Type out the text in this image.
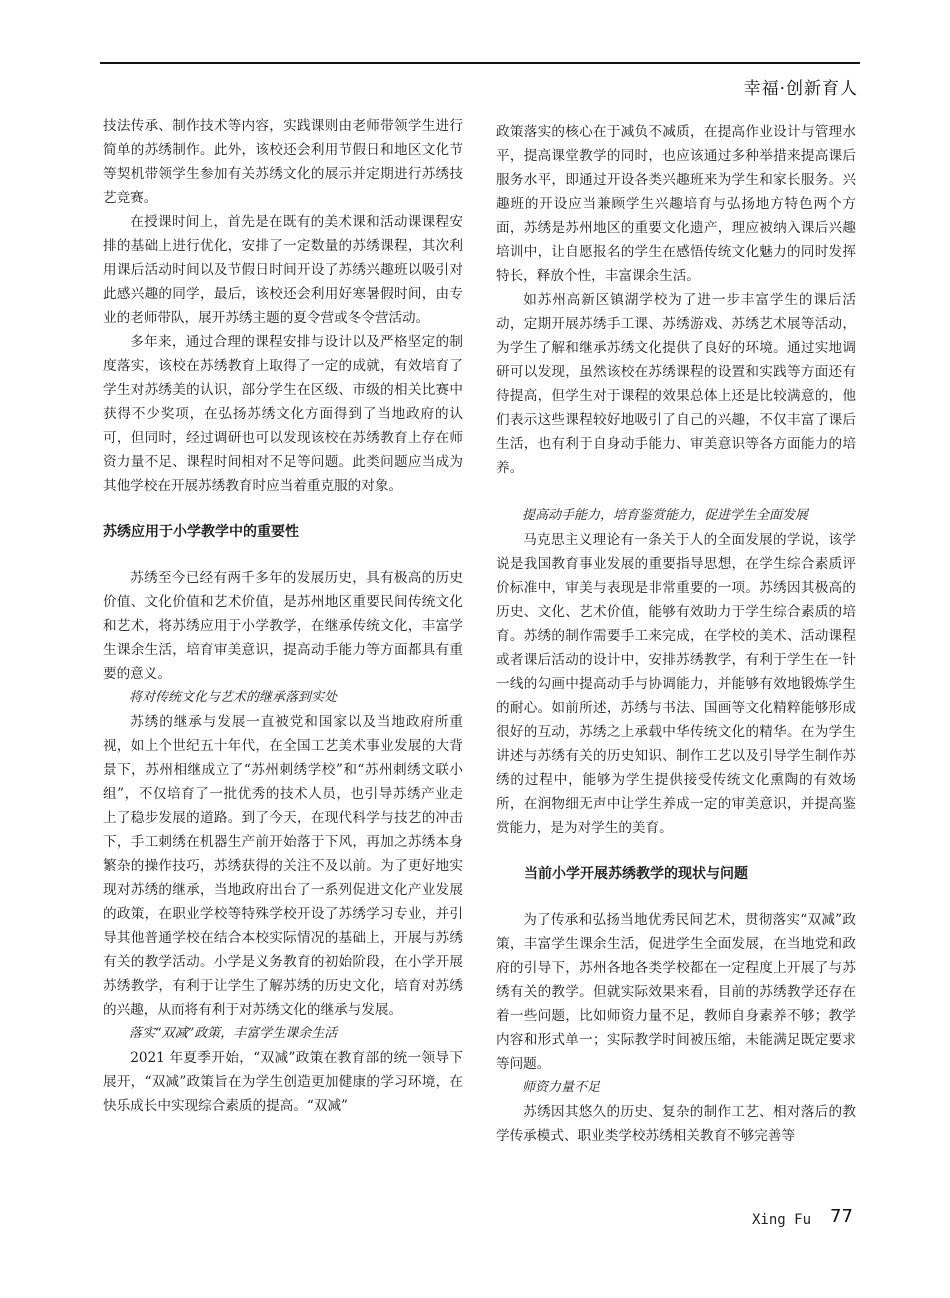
幸福·创新育人

技法传承、制作技术等内容，实践课则由老师带领学生进行简单的苏绣制作。此外，该校还会利用节假日和地区文化节等契机带领学生参加有关苏绣文化的展示并定期进行苏绣技艺竞赛。

在授课时间上，首先是在既有的美术课和活动课课程安排的基础上进行优化，安排了一定数量的苏绣课程，其次利用课后活动时间以及节假日时间开设了苏绣兴趣班以吸引对此感兴趣的同学，最后，该校还会利用好寒暑假时间，由专业的老师带队，展开苏绣主题的夏令营或冬令营活动。

多年来，通过合理的课程安排与设计以及严格坚定的制度落实，该校在苏绣教育上取得了一定的成就，有效培育了学生对苏绣美的认识，部分学生在区级、市级的相关比赛中获得不少奖项，在弘扬苏绣文化方面得到了当地政府的认可，但同时，经过调研也可以发现该校在苏绣教育上存在师资力量不足、课程时间相对不足等问题。此类问题应当成为其他学校在开展苏绣教育时应当着重克服的对象。

苏绣应用于小学教学中的重要性

苏绣至今已经有两千多年的发展历史，具有极高的历史价值、文化价值和艺术价值，是苏州地区重要民间传统文化和艺术，将苏绣应用于小学教学，在继承传统文化，丰富学生课余生活，培育审美意识，提高动手能力等方面都具有重要的意义。

将对传统文化与艺术的继承落到实处

苏绣的继承与发展一直被党和国家以及当地政府所重视，如上个世纪五十年代，在全国工艺美术事业发展的大背景下，苏州相继成立了“苏州刺绣学校”和“苏州刺绣文联小组”，不仅培育了一批优秀的技术人员，也引导苏绣产业走上了稳步发展的道路。到了今天，在现代科学与技艺的冲击下，手工刺绣在机器生产前开始落于下风，再加之苏绣本身繁杂的操作技巧，苏绣获得的关注不及以前。为了更好地实现对苏绣的继承，当地政府出台了一系列促进文化产业发展的政策，在职业学校等特殊学校开设了苏绣学习专业，并引导其他普通学校在结合本校实际情况的基础上，开展与苏绣有关的教学活动。小学是义务教育的初始阶段，在小学开展苏绣教学，有利于让学生了解苏绣的历史文化，培育对苏绣的兴趣，从而将有利于对苏绣文化的继承与发展。

落实“双减”政策，丰富学生课余生活

2021 年夏季开始，“双减”政策在教育部的统一领导下展开，“双减”政策旨在为学生创造更加健康的学习环境，在快乐成长中实现综合素质的提高。“双减”

政策落实的核心在于减负不减质，在提高作业设计与管理水平，提高课堂教学的同时，也应该通过多种举措来提高课后服务水平，即通过开设各类兴趣班来为学生和家长服务。兴趣班的开设应当兼顾学生兴趣培育与弘扬地方特色两个方面，苏绣是苏州地区的重要文化遗产，理应被纳入课后兴趣培训中，让自愿报名的学生在感悟传统文化魅力的同时发挥特长，释放个性，丰富课余生活。

如苏州高新区镇湖学校为了进一步丰富学生的课后活动，定期开展苏绣手工课、苏绣游戏、苏绣艺术展等活动，为学生了解和继承苏绣文化提供了良好的环境。通过实地调研可以发现，虽然该校在苏绣课程的设置和实践等方面还有待提高，但学生对于课程的效果总体上还是比较满意的，他们表示这些课程较好地吸引了自己的兴趣，不仅丰富了课后生活，也有利于自身动手能力、审美意识等各方面能力的培养。

提高动手能力，培育鉴赏能力，促进学生全面发展

马克思主义理论有一条关于人的全面发展的学说，该学说是我国教育事业发展的重要指导思想，在学生综合素质评价标准中，审美与表现是非常重要的一项。苏绣因其极高的历史、文化、艺术价值，能够有效助力于学生综合素质的培育。苏绣的制作需要手工来完成，在学校的美术、活动课程或者课后活动的设计中，安排苏绣教学，有利于学生在一针一线的勾画中提高动手与协调能力，并能够有效地锻炼学生的耐心。如前所述，苏绣与书法、国画等文化精粹能够形成很好的互动，苏绣之上承载中华传统文化的精华。在为学生讲述与苏绣有关的历史知识、制作工艺以及引导学生制作苏绣的过程中，能够为学生提供接受传统文化熏陶的有效场所，在润物细无声中让学生养成一定的审美意识，并提高鉴赏能力，是为对学生的美育。

当前小学开展苏绣教学的现状与问题

为了传承和弘扬当地优秀民间艺术，贯彻落实“双减”政策，丰富学生课余生活，促进学生全面发展，在当地党和政府的引导下，苏州各地各类学校都在一定程度上开展了与苏绣有关的教学。但就实际效果来看，目前的苏绣教学还存在着一些问题，比如师资力量不足，教师自身素养不够；教学内容和形式单一；实际教学时间被压缩，未能满足既定要求等问题。

师资力量不足

苏绣因其悠久的历史、复杂的制作工艺、相对落后的教学传承模式、职业类学校苏绣相关教育不够完善等

Xing Fu 77
